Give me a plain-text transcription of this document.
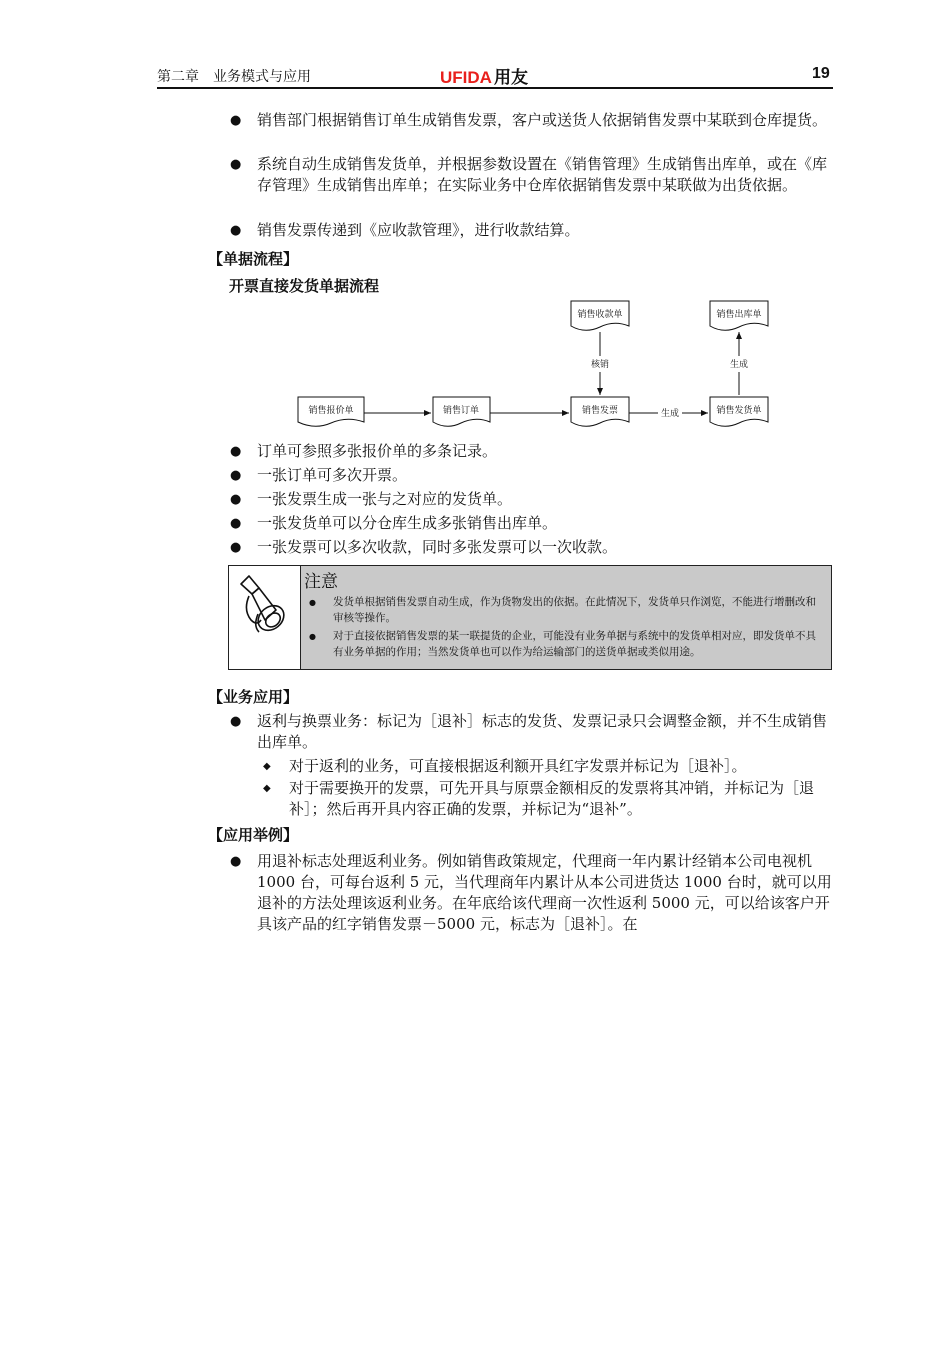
第二章　业务模式与应用	UFIDA 用友	19
● 销售部门根据销售订单生成销售发票，客户或送货人依据销售发票中某联到仓库提货。
● 系统自动生成销售发货单，并根据参数设置在《销售管理》生成销售出库单，或在《库存管理》生成销售出库单；在实际业务中仓库依据销售发票中某联做为出货依据。
● 销售发票传递到《应收款管理》，进行收款结算。
【单据流程】
开票直接发货单据流程
销售报价单	销售订单	销售发票	销售发货单
销售收款单	销售出库单
生成
核销	生成
● 订单可参照多张报价单的多条记录。
● 一张订单可多次开票。
● 一张发票生成一张与之对应的发货单。
● 一张发货单可以分仓库生成多张销售出库单。
● 一张发票可以多次收款，同时多张发票可以一次收款。
注意
● 发货单根据销售发票自动生成，作为货物发出的依据。在此情况下，发货单只作浏览，不能进行增删改和审核等操作。
● 对于直接依据销售发票的某一联提货的企业，可能没有业务单据与系统中的发货单相对应，即发货单不具有业务单据的作用；当然发货单也可以作为给运输部门的送货单据或类似用途。
【业务应用】
● 返利与换票业务：标记为［退补］标志的发货、发票记录只会调整金额，并不生成销售出库单。
◆ 对于返利的业务，可直接根据返利额开具红字发票并标记为［退补］。
◆ 对于需要换开的发票，可先开具与原票金额相反的发票将其冲销，并标记为［退补］；然后再开具内容正确的发票，并标记为“退补”。
【应用举例】
● 用退补标志处理返利业务。例如销售政策规定，代理商一年内累计经销本公司电视机 1000 台，可每台返利 5 元，当代理商年内累计从本公司进货达 1000 台时，就可以用退补的方法处理该返利业务。在年底给该代理商一次性返利 5000 元，可以给该客户开具该产品的红字销售发票－5000 元，标志为［退补］。在
